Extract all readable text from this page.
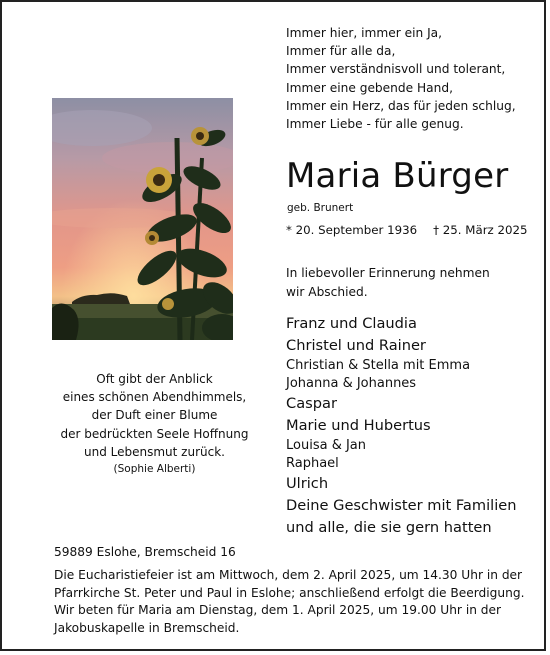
Immer hier, immer ein Ja,
Immer für alle da,
Immer verständnisvoll und tolerant,
Immer eine gebende Hand,
Immer ein Herz, das für jeden schlug,
Immer Liebe - für alle genug.
Maria Bürger
geb. Brunert
* 20. September 1936 † 25. März 2025
In liebevoller Erinnerung nehmen
wir Abschied.
Franz und Claudia
Christel und Rainer
Christian & Stella mit Emma
Johanna & Johannes
Caspar
Marie und Hubertus
Louisa & Jan
Raphael
Ulrich
Deine Geschwister mit Familien
und alle, die sie gern hatten
Oft gibt der Anblick
eines schönen Abendhimmels,
der Duft einer Blume
der bedrückten Seele Hoffnung
und Lebensmut zurück.
(Sophie Alberti)
59889 Eslohe, Bremscheid 16
Die Eucharistiefeier ist am Mittwoch, dem 2. April 2025, um 14.30 Uhr in der
Pfarrkirche St. Peter und Paul in Eslohe; anschließend erfolgt die Beerdigung.
Wir beten für Maria am Dienstag, dem 1. April 2025, um 19.00 Uhr in der
Jakobuskapelle in Bremscheid.
